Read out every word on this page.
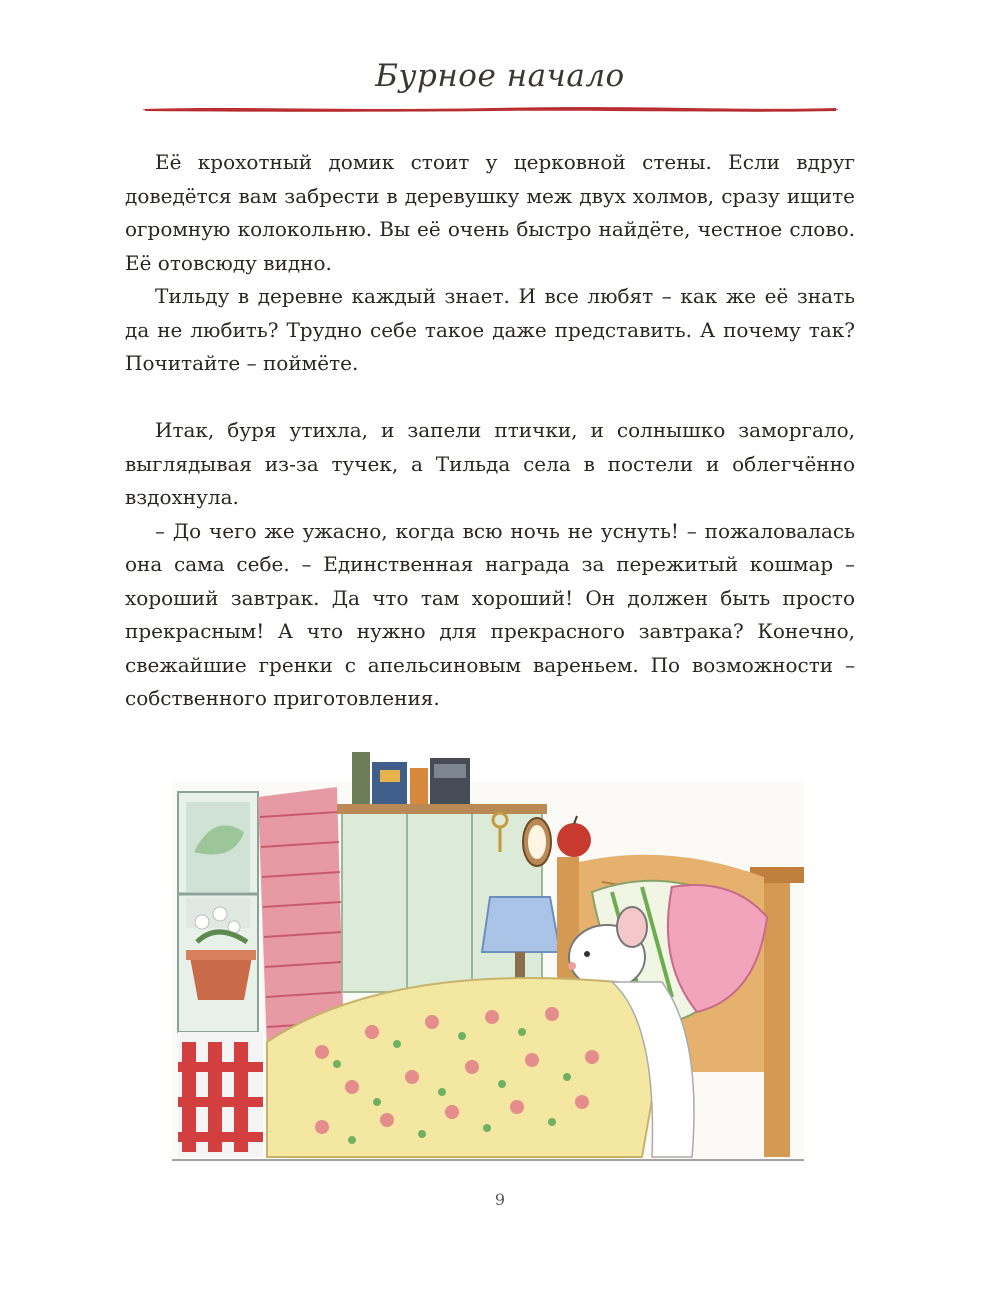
Бурное начало

Её крохотный домик стоит у церковной стены. Если вдруг доведётся вам забрести в деревушку меж двух холмов, сразу ищите огромную колокольню. Вы её очень быстро найдёте, честное слово. Её отовсюду видно.

Тильду в деревне каждый знает. И все любят – как же её знать да не любить? Трудно себе такое даже представить. А почему так? Почитайте – поймёте.

Итак, буря утихла, и запели птички, и солнышко заморгало, выглядывая из-за тучек, а Тильда села в постели и облегчённо вздохнула.

– До чего же ужасно, когда всю ночь не уснуть! – пожаловалась она сама себе. – Единственная награда за пережитый кошмар – хороший завтрак. Да что там хороший! Он должен быть просто прекрасным! А что нужно для прекрасного завтрака? Конечно, свежайшие гренки с апельсиновым вареньем. По возможности – собственного приготовления.

9
